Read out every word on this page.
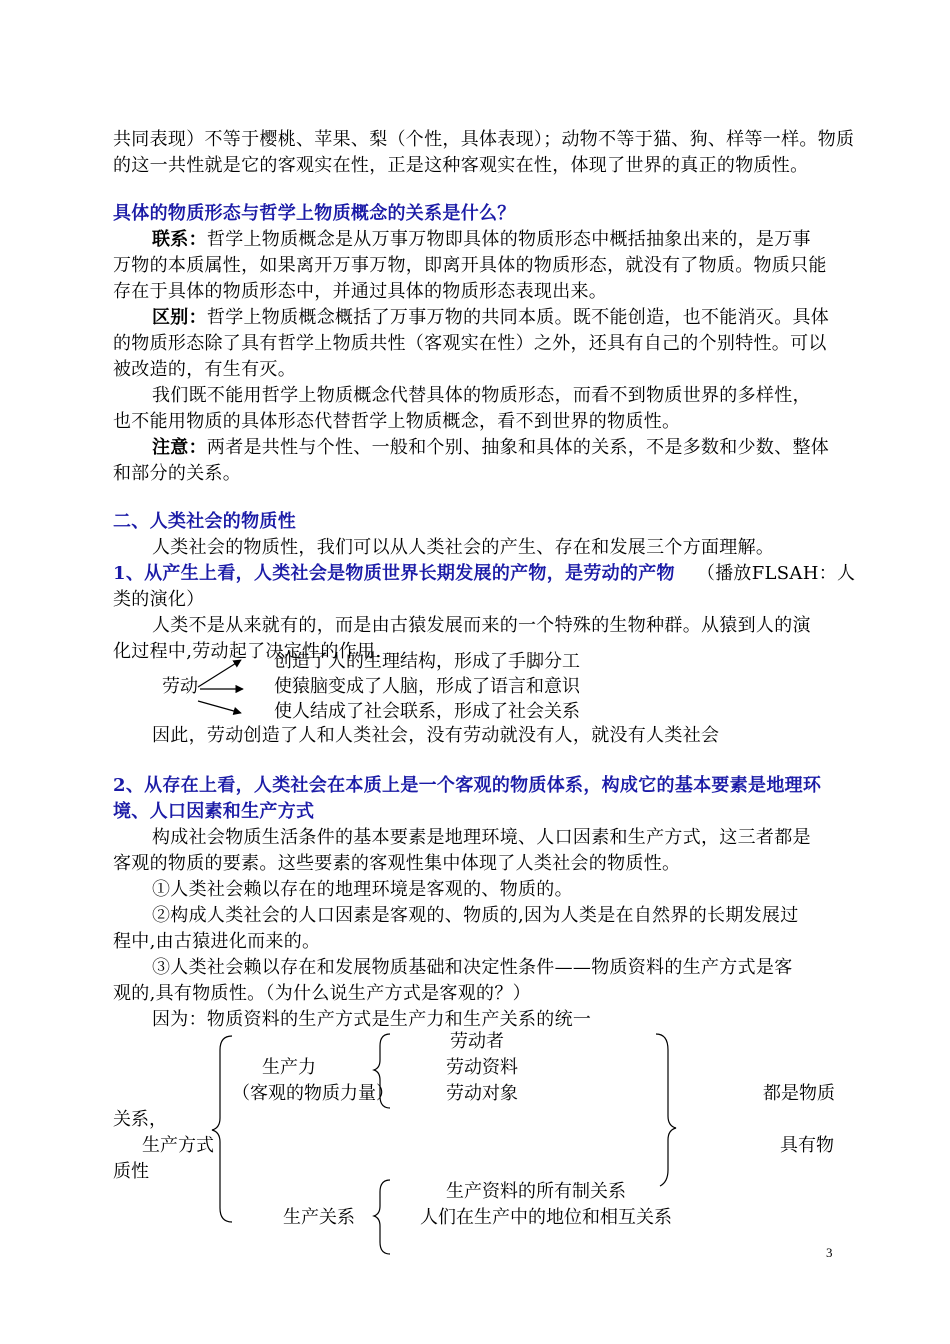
共同表现）不等于樱桃、苹果、梨（个性，具体表现）；动物不等于猫、狗、样等一样。物质
的这一共性就是它的客观实在性，正是这种客观实在性，体现了世界的真正的物质性。
具体的物质形态与哲学上物质概念的关系是什么？
联系：哲学上物质概念是从万事万物即具体的物质形态中概括抽象出来的，是万事
万物的本质属性，如果离开万事万物，即离开具体的物质形态，就没有了物质。物质只能
存在于具体的物质形态中，并通过具体的物质形态表现出来。
区别：哲学上物质概念概括了万事万物的共同本质。既不能创造，也不能消灭。具体
的物质形态除了具有哲学上物质共性（客观实在性）之外，还具有自己的个别特性。可以
被改造的，有生有灭。
我们既不能用哲学上物质概念代替具体的物质形态，而看不到物质世界的多样性，
也不能用物质的具体形态代替哲学上物质概念，看不到世界的物质性。
注意：两者是共性与个性、一般和个别、抽象和具体的关系，不是多数和少数、整体
和部分的关系。
二、人类社会的物质性
人类社会的物质性，我们可以从人类社会的产生、存在和发展三个方面理解。
1、从产生上看，人类社会是物质世界长期发展的产物，是劳动的产物 （播放FLSAH：人
类的演化）
人类不是从来就有的，而是由古猿发展而来的一个特殊的生物种群。从猿到人的演
化过程中,劳动起了决定性的作用.
劳动
创造了人的生理结构，形成了手脚分工
使猿脑变成了人脑，形成了语言和意识
使人结成了社会联系，形成了社会关系
因此，劳动创造了人和人类社会，没有劳动就没有人，就没有人类社会
2、从存在上看，人类社会在本质上是一个客观的物质体系，构成它的基本要素是地理环
境、人口因素和生产方式
构成社会物质生活条件的基本要素是地理环境、人口因素和生产方式，这三者都是
客观的物质的要素。这些要素的客观性集中体现了人类社会的物质性。
①人类社会赖以存在的地理环境是客观的、物质的。
②构成人类社会的人口因素是客观的、物质的,因为人类是在自然界的长期发展过
程中,由古猿进化而来的。
③人类社会赖以存在和发展物质基础和决定性条件——物质资料的生产方式是客
观的,具有物质性。（为什么说生产方式是客观的？）
因为：物质资料的生产方式是生产力和生产关系的统一
劳动者
生产力	劳动资料
（客观的物质力量）	劳动对象	都是物质
关系，
生产方式	具有物
质性
生产资料的所有制关系
生产关系	人们在生产中的地位和相互关系
3
